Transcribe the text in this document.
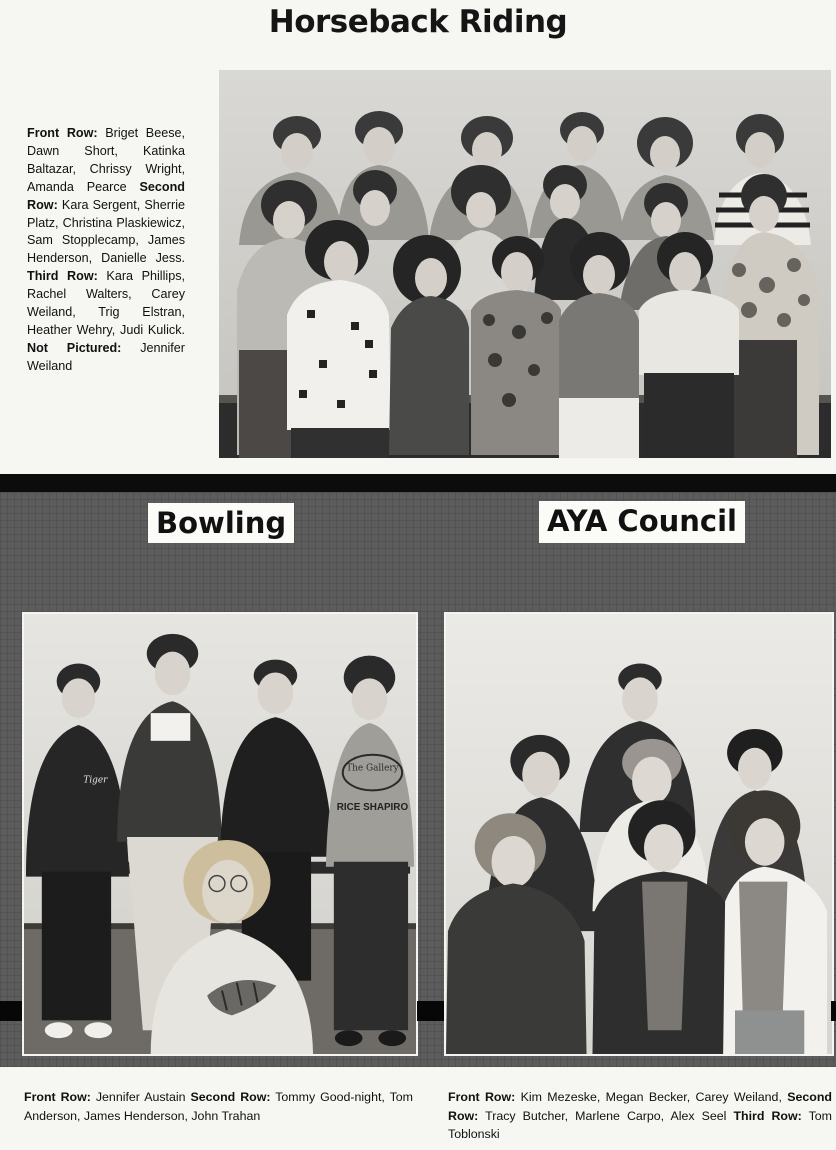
Horseback Riding
Front Row: Briget Beese, Dawn Short, Katinka Baltazar, Chrissy Wright, Amanda Pearce Second Row: Kara Sergent, Sherrie Platz, Christina Plaskiewicz, Sam Stopplecamp, James Henderson, Danielle Jess. Third Row: Kara Phillips, Rachel Walters, Carey Weiland, Trig Elstran, Heather Wehry, Judi Kulick. Not Pictured: Jennifer Weiland
Bowling	AYA Council
The Gallery
RICE SHAPIRO
Tiger
Front Row: Jennifer Austain Second Row: Tommy Good-night, Tom Anderson, James Henderson, John Trahan
Front Row: Kim Mezeske, Megan Becker, Carey Weiland, Second Row: Tracy Butcher, Marlene Carpo, Alex Seel Third Row: Tom Toblonski
